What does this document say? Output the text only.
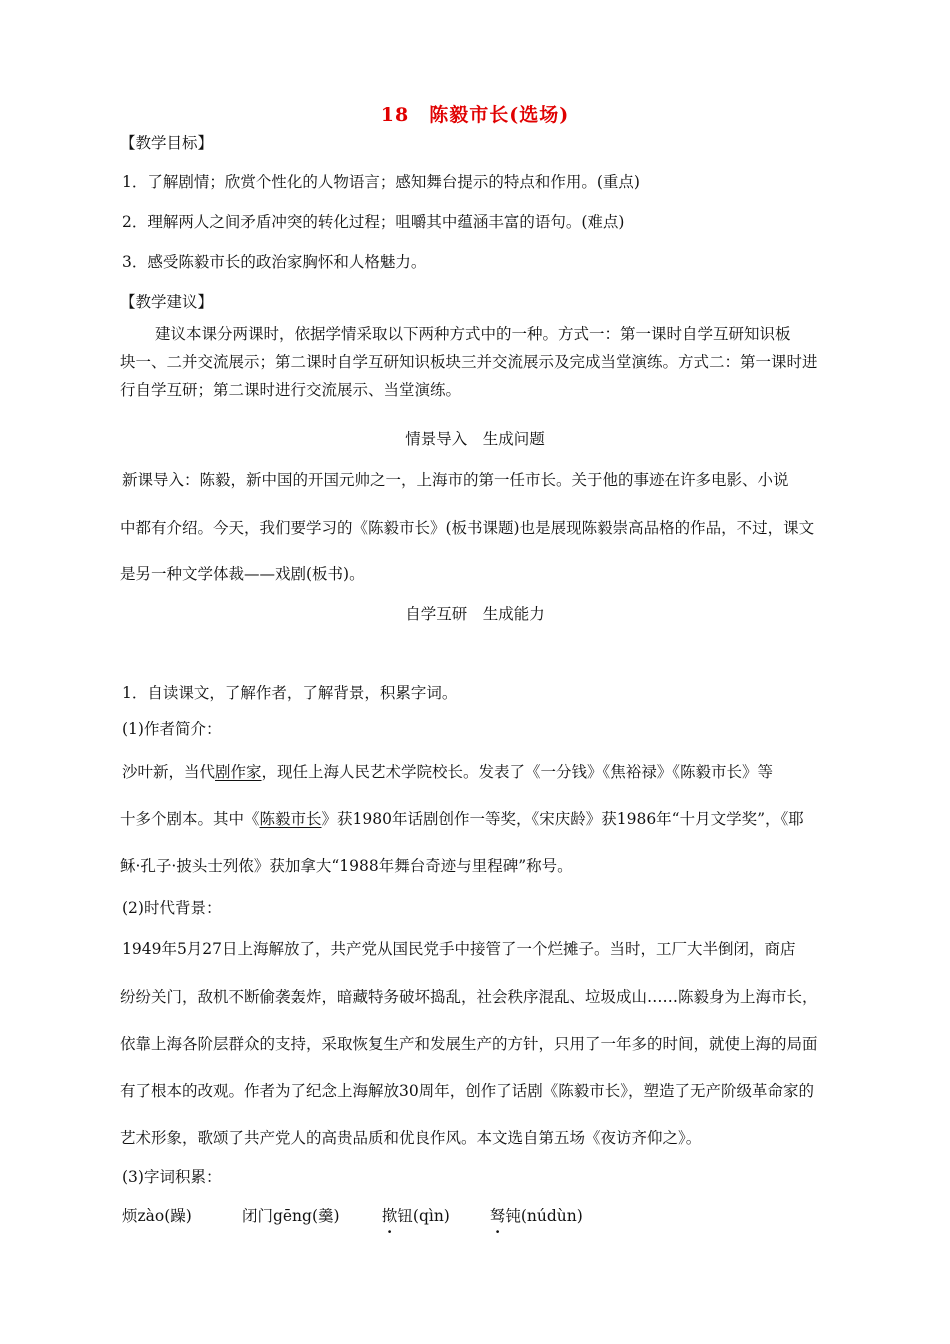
18　陈毅市长(选场)
【教学目标】
1．了解剧情；欣赏个性化的人物语言；感知舞台提示的特点和作用。(重点)
2．理解两人之间矛盾冲突的转化过程；咀嚼其中蕴涵丰富的语句。(难点)
3．感受陈毅市长的政治家胸怀和人格魅力。
【教学建议】
建议本课分两课时，依据学情采取以下两种方式中的一种。方式一：第一课时自学互研知识板
块一、二并交流展示；第二课时自学互研知识板块三并交流展示及完成当堂演练。方式二：第一课时进
行自学互研；第二课时进行交流展示、当堂演练。
情景导入　生成问题
新课导入：陈毅，新中国的开国元帅之一，上海市的第一任市长。关于他的事迹在许多电影、小说
中都有介绍。今天，我们要学习的《陈毅市长》(板书课题)也是展现陈毅崇高品格的作品，不过，课文
是另一种文学体裁——戏剧(板书)。
自学互研　生成能力
1．自读课文，了解作者，了解背景，积累字词。
(1)作者简介：
沙叶新，当代剧作家，现任上海人民艺术学院校长。发表了《一分钱》《焦裕禄》《陈毅市长》等
十多个剧本。其中《陈毅市长》获1980年话剧创作一等奖，《宋庆龄》获1986年“十月文学奖”，《耶
稣·孔子·披头士列侬》获加拿大“1988年舞台奇迹与里程碑”称号。
(2)时代背景：
1949年5月27日上海解放了，共产党从国民党手中接管了一个烂摊子。当时，工厂大半倒闭，商店
纷纷关门，敌机不断偷袭轰炸，暗藏特务破坏捣乱，社会秩序混乱、垃圾成山……陈毅身为上海市长，
依靠上海各阶层群众的支持，采取恢复生产和发展生产的方针，只用了一年多的时间，就使上海的局面
有了根本的改观。作者为了纪念上海解放30周年，创作了话剧《陈毅市长》，塑造了无产阶级革命家的
艺术形象，歌颂了共产党人的高贵品质和优良作风。本文选自第五场《夜访齐仰之》。
(3)字词积累：
烦zào(躁)	闭门gēng(羹)	揿钮(qìn)	驽钝(núdùn)
